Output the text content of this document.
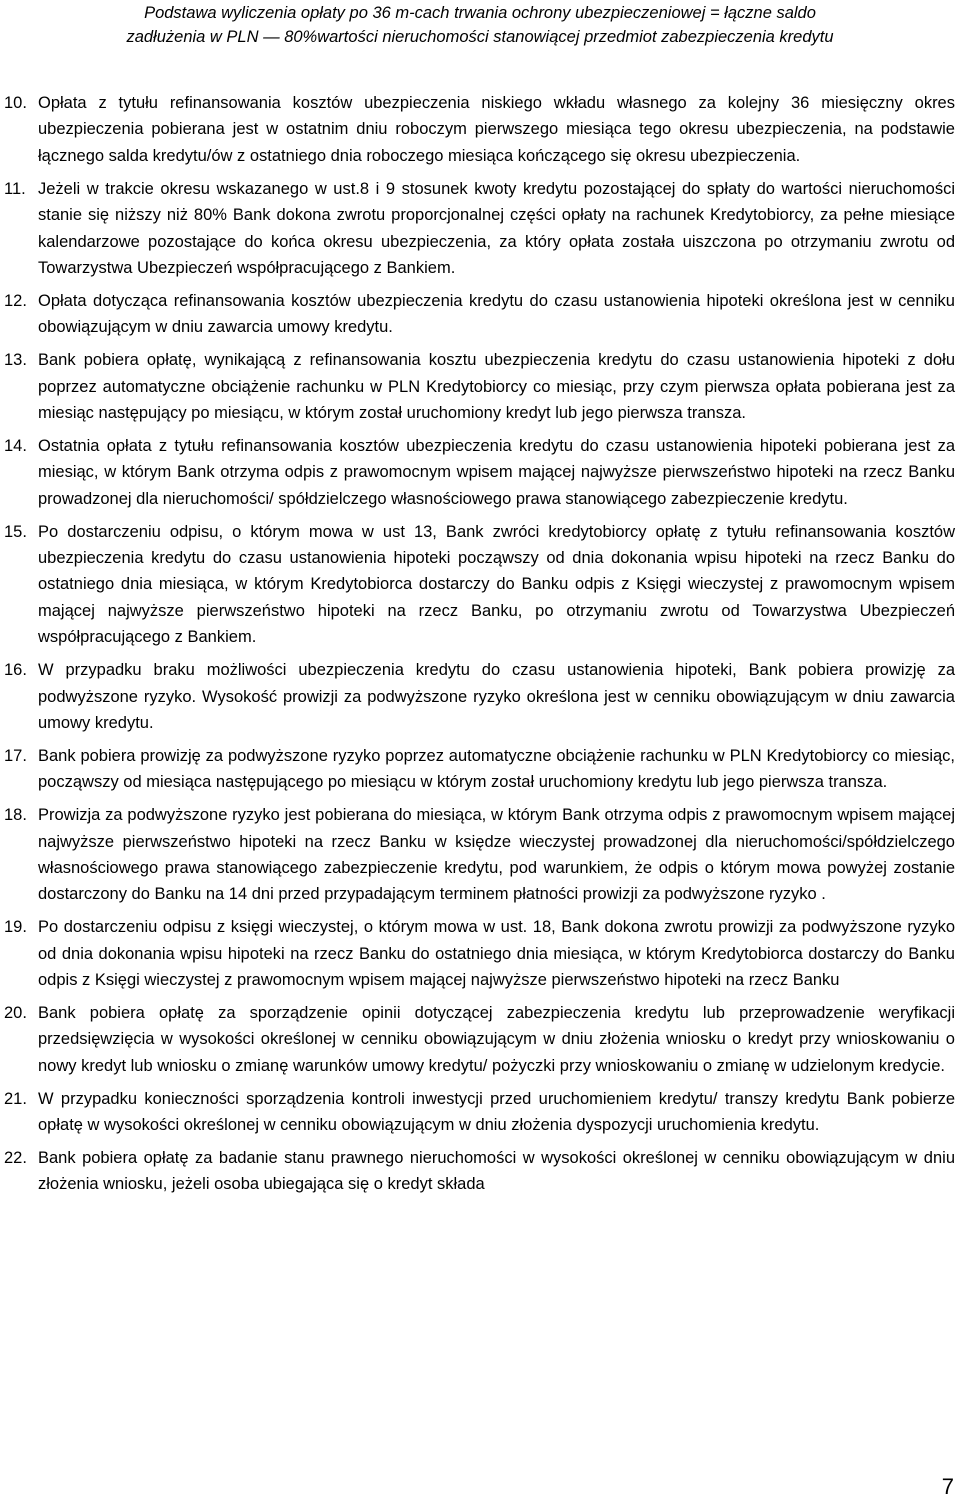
Podstawa wyliczenia opłaty po 36 m-cach trwania ochrony ubezpieczeniowej = łączne saldo
zadłużenia w PLN — 80%wartości nieruchomości stanowiącej przedmiot zabezpieczenia kredytu
10. Opłata z tytułu refinansowania kosztów ubezpieczenia niskiego wkładu własnego za kolejny 36 miesięczny okres ubezpieczenia pobierana jest w ostatnim dniu roboczym pierwszego miesiąca tego okresu ubezpieczenia, na podstawie łącznego salda kredytu/ów z ostatniego dnia roboczego miesiąca kończącego się okresu ubezpieczenia.
11. Jeżeli w trakcie okresu wskazanego w ust.8 i 9 stosunek kwoty kredytu pozostającej do spłaty do wartości nieruchomości stanie się niższy niż 80% Bank dokona zwrotu proporcjonalnej części opłaty na rachunek Kredytobiorcy, za pełne miesiące kalendarzowe pozostające do końca okresu ubezpieczenia, za który opłata została uiszczona po otrzymaniu zwrotu od Towarzystwa Ubezpieczeń współpracującego z Bankiem.
12. Opłata dotycząca refinansowania kosztów ubezpieczenia kredytu do czasu ustanowienia hipoteki określona jest w cenniku obowiązującym w dniu zawarcia umowy kredytu.
13. Bank pobiera opłatę, wynikającą z refinansowania kosztu ubezpieczenia kredytu do czasu ustanowienia hipoteki z dołu poprzez automatyczne obciążenie rachunku w PLN Kredytobiorcy co miesiąc, przy czym pierwsza opłata pobierana jest za miesiąc następujący po miesiącu, w którym został uruchomiony kredyt lub jego pierwsza transza.
14. Ostatnia opłata z tytułu refinansowania kosztów ubezpieczenia kredytu do czasu ustanowienia hipoteki pobierana jest za miesiąc, w którym Bank otrzyma odpis z prawomocnym wpisem mającej najwyższe pierwszeństwo hipoteki na rzecz Banku prowadzonej dla nieruchomości/ spółdzielczego własnościowego prawa stanowiącego zabezpieczenie kredytu.
15. Po dostarczeniu odpisu, o którym mowa w ust 13, Bank zwróci kredytobiorcy opłatę z tytułu refinansowania kosztów ubezpieczenia kredytu do czasu ustanowienia hipoteki począwszy od dnia dokonania wpisu hipoteki na rzecz Banku do ostatniego dnia miesiąca, w którym Kredytobiorca dostarczy do Banku odpis z Księgi wieczystej z prawomocnym wpisem mającej najwyższe pierwszeństwo hipoteki na rzecz Banku, po otrzymaniu zwrotu od Towarzystwa Ubezpieczeń współpracującego z Bankiem.
16. W przypadku braku możliwości ubezpieczenia kredytu do czasu ustanowienia hipoteki, Bank pobiera prowizję za podwyższone ryzyko. Wysokość prowizji za podwyższone ryzyko określona jest w cenniku obowiązującym w dniu zawarcia umowy kredytu.
17. Bank pobiera prowizję za podwyższone ryzyko poprzez automatyczne obciążenie rachunku w PLN Kredytobiorcy co miesiąc, począwszy od miesiąca następującego po miesiącu w którym został uruchomiony kredytu lub jego pierwsza transza.
18. Prowizja za podwyższone ryzyko jest pobierana do miesiąca, w którym Bank otrzyma odpis z prawomocnym wpisem mającej najwyższe pierwszeństwo hipoteki na rzecz Banku w księdze wieczystej prowadzonej dla nieruchomości/spółdzielczego własnościowego prawa stanowiącego zabezpieczenie kredytu, pod warunkiem, że odpis o którym mowa powyżej zostanie dostarczony do Banku na 14 dni przed przypadającym terminem płatności prowizji za podwyższone ryzyko .
19. Po dostarczeniu odpisu z księgi wieczystej, o którym mowa w ust. 18, Bank dokona zwrotu prowizji za podwyższone ryzyko od dnia dokonania wpisu hipoteki na rzecz Banku do ostatniego dnia miesiąca, w którym Kredytobiorca dostarczy do Banku odpis z Księgi wieczystej z prawomocnym wpisem mającej najwyższe pierwszeństwo hipoteki na rzecz Banku
20. Bank pobiera opłatę za sporządzenie opinii dotyczącej zabezpieczenia kredytu lub przeprowadzenie weryfikacji przedsięwzięcia w wysokości określonej w cenniku obowiązującym w dniu złożenia wniosku o kredyt przy wnioskowaniu o nowy kredyt lub wniosku o zmianę warunków umowy kredytu/ pożyczki przy wnioskowaniu o zmianę w udzielonym kredycie.
21. W przypadku konieczności sporządzenia kontroli inwestycji przed uruchomieniem kredytu/ transzy kredytu Bank pobierze opłatę w wysokości określonej w cenniku obowiązującym w dniu złożenia dyspozycji uruchomienia kredytu.
22. Bank pobiera opłatę za badanie stanu prawnego nieruchomości w wysokości określonej w cenniku obowiązującym w dniu złożenia wniosku, jeżeli osoba ubiegająca się o kredyt składa
7
